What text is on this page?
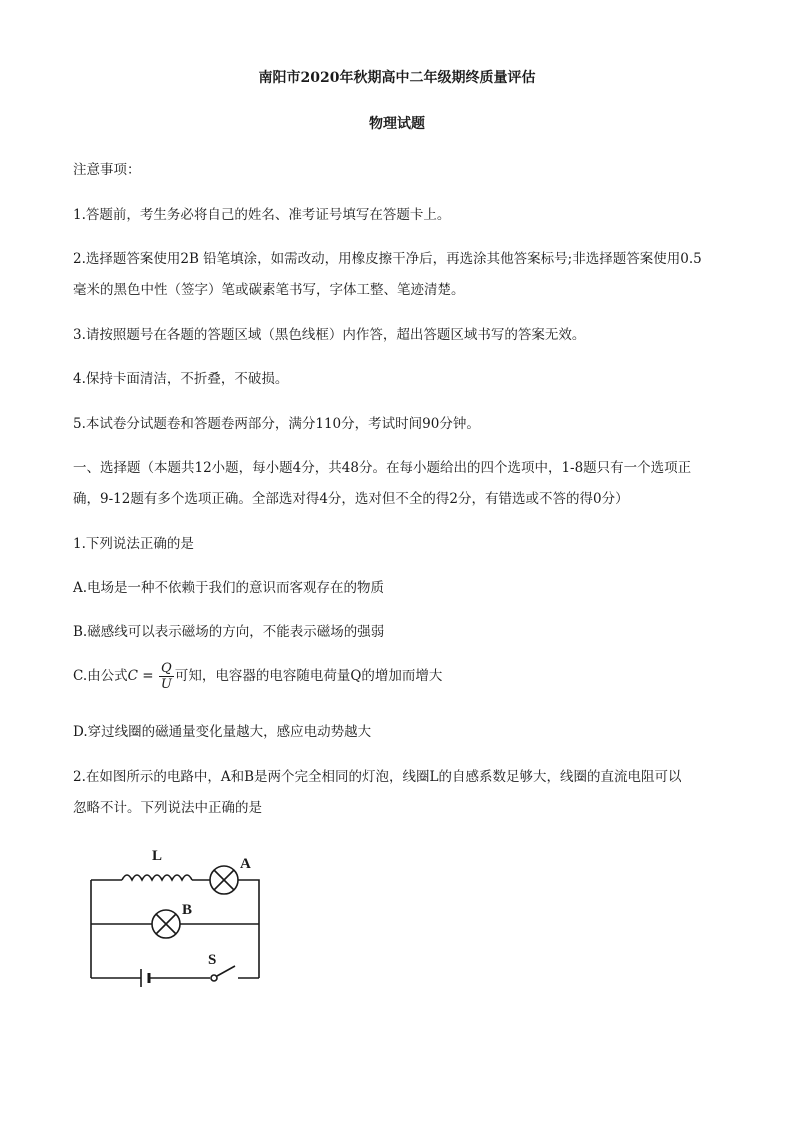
南阳市2020年秋期高中二年级期终质量评估
物理试题
注意事项：
1.答题前，考生务必将自己的姓名、准考证号填写在答题卡上。
2.选择题答案使用2B 铅笔填涂，如需改动，用橡皮擦干净后，再选涂其他答案标号;非选择题答案使用0.5
毫米的黑色中性（签字）笔或碳素笔书写，字体工整、笔迹清楚。
3.请按照题号在各题的答题区域（黑色线框）内作答，超出答题区域书写的答案无效。
4.保持卡面清洁，不折叠，不破损。
5.本试卷分试题卷和答题卷两部分，满分110分，考试时间90分钟。
一、选择题（本题共12小题，每小题4分，共48分。在每小题给出的四个选项中，1-8题只有一个选项正
确，9-12题有多个选项正确。全部选对得4分，选对但不全的得2分，有错选或不答的得0分）
1.下列说法正确的是
A.电场是一种不依赖于我们的意识而客观存在的物质
B.磁感线可以表示磁场的方向，不能表示磁场的强弱
C.由公式$C = \frac{Q}{U}$ 可知，电容器的电容随电荷量Q的增加而增大
D.穿过线圈的磁通量变化量越大，感应电动势越大
2.在如图所示的电路中，A和B是两个完全相同的灯泡，线圈L的自感系数足够大，线圈的直流电阻可以
忽略不计。下列说法中正确的是
L	A
B
S
